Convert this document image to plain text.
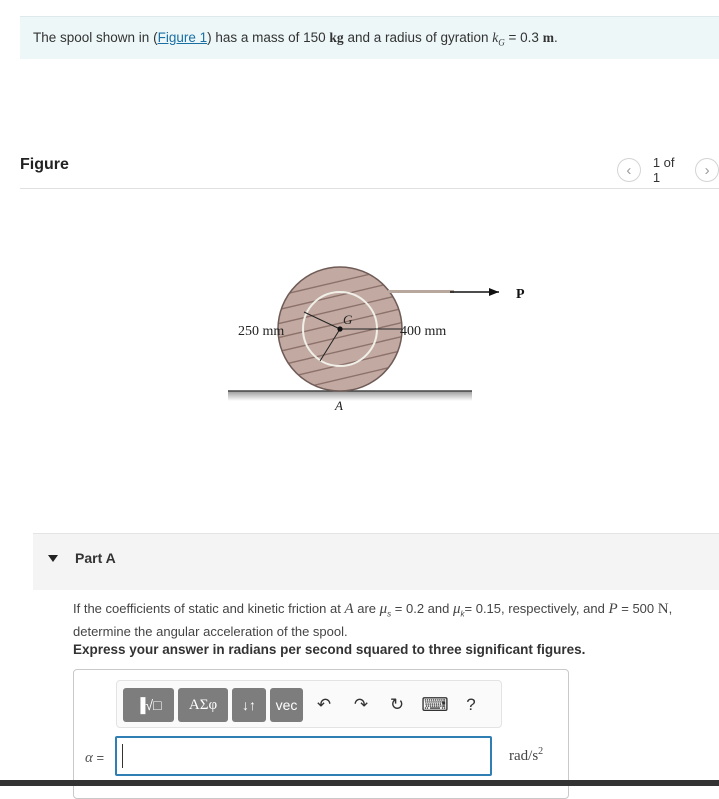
The spool shown in (Figure 1) has a mass of 150 kg and a radius of gyration $k_G = 0.3$ m.
Figure	‹ 1 of 1	›
P
250 mm	400 mm
G
A
Part A
If the coefficients of static and kinetic friction at A are $\mu_s = 0.2$ and $\mu_k= 0.15$, respectively, and P = 500 N,
determine the angular acceleration of the spool.
Express your answer in radians per second squared to three significant figures.
▐√□ ΑΣφ ↓↑ vec	↶	↷	↻ ⌨	?
α =	rad/$s^2$
